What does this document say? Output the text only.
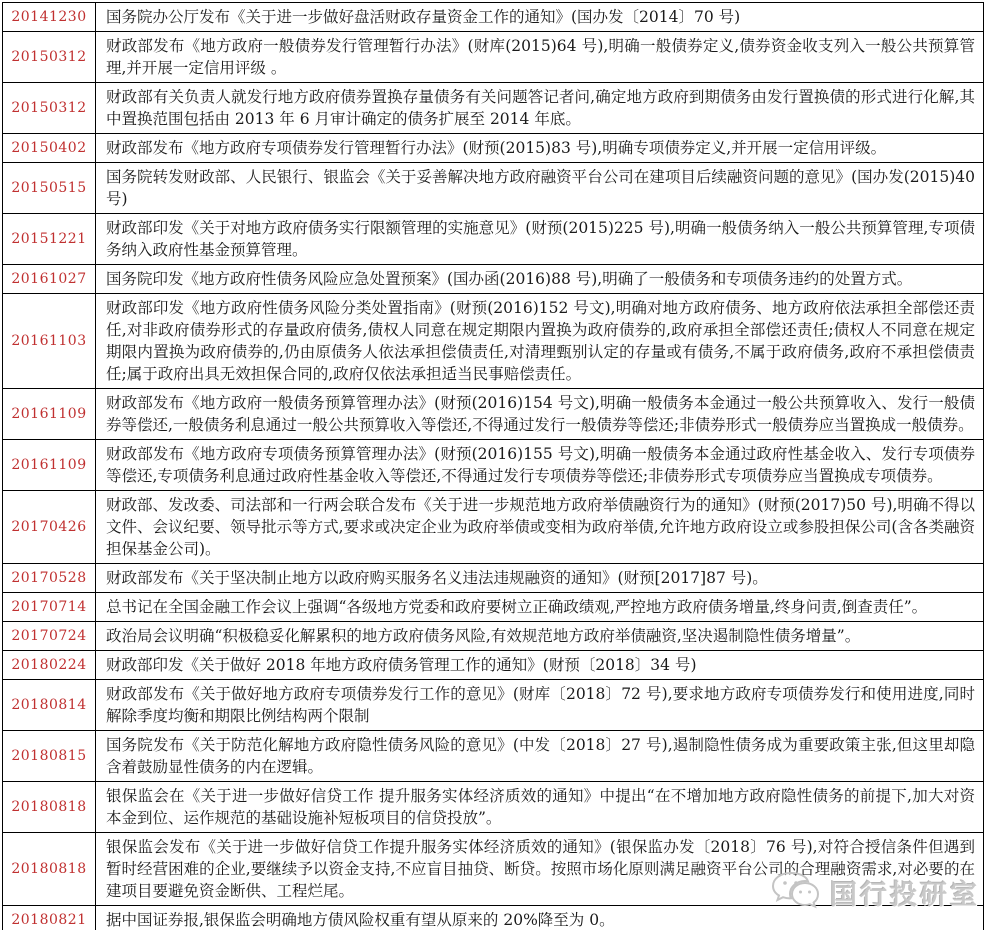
20141230	国务院办公厅发布《关于进一步做好盘活财政存量资金工作的通知》(国办发〔2014〕70 号)
20150312	财政部发布《地方政府一般债券发行管理暂行办法》(财库(2015)64 号),明确一般债券定义,债券资金收支列入一般公共预算管理,并开展一定信用评级 。
20150312	财政部有关负责人就发行地方政府债券置换存量债务有关问题答记者问,确定地方政府到期债务由发行置换债的形式进行化解,其中置换范围包括由 2013 年 6 月审计确定的债务扩展至 2014 年底。
20150402	财政部发布《地方政府专项债券发行管理暂行办法》(财预(2015)83 号),明确专项债券定义,并开展一定信用评级。
20150515	国务院转发财政部、人民银行、银监会《关于妥善解决地方政府融资平台公司在建项目后续融资问题的意见》(国办发(2015)40 号)
20151221	财政部印发《关于对地方政府债务实行限额管理的实施意见》(财预(2015)225 号),明确一般债务纳入一般公共预算管理,专项债务纳入政府性基金预算管理。
20161027	国务院印发《地方政府性债务风险应急处置预案》(国办函(2016)88 号),明确了一般债务和专项债务违约的处置方式。
20161103	财政部印发《地方政府性债务风险分类处置指南》(财预(2016)152 号文),明确对地方政府债务、地方政府依法承担全部偿还责任,对非政府债券形式的存量政府债务,债权人同意在规定期限内置换为政府债券的,政府承担全部偿还责任;债权人不同意在规定期限内置换为政府债券的,仍由原债务人依法承担偿债责任,对清理甄别认定的存量或有债务,不属于政府债务,政府不承担偿债责任;属于政府出具无效担保合同的,政府仅依法承担适当民事赔偿责任。
20161109	财政部发布《地方政府一般债务预算管理办法》(财预(2016)154 号文),明确一般债务本金通过一般公共预算收入、发行一般债券等偿还,一般债务利息通过一般公共预算收入等偿还,不得通过发行一般债券等偿还;非债券形式一般债券应当置换成一般债券。
20161109	财政部发布《地方政府专项债务预算管理办法》(财预(2016)155 号文),明确一般债务本金通过政府性基金收入、发行专项债券等偿还,专项债务利息通过政府性基金收入等偿还,不得通过发行专项债券等偿还;非债券形式专项债券应当置换成专项债券。
20170426	财政部、发改委、司法部和一行两会联合发布《关于进一步规范地方政府举债融资行为的通知》(财预(2017)50 号),明确不得以文件、会议纪要、领导批示等方式,要求或决定企业为政府举债或变相为政府举债,允许地方政府设立或参股担保公司(含各类融资担保基金公司)。
20170528	财政部发布《关于坚决制止地方以政府购买服务名义违法违规融资的通知》(财预[2017]87 号)。
20170714	总书记在全国金融工作会议上强调“各级地方党委和政府要树立正确政绩观,严控地方政府债务增量,终身问责,倒查责任”。
20170724	政治局会议明确“积极稳妥化解累积的地方政府债务风险,有效规范地方政府举债融资,坚决遏制隐性债务增量”。
20180224	财政部印发《关于做好 2018 年地方政府债务管理工作的通知》(财预〔2018〕34 号)
20180814	财政部发布《关于做好地方政府专项债券发行工作的意见》(财库〔2018〕72 号),要求地方政府专项债券发行和使用进度,同时解除季度均衡和期限比例结构两个限制
20180815	国务院发布《关于防范化解地方政府隐性债务风险的意见》(中发〔2018〕27 号),遏制隐性债务成为重要政策主张,但这里却隐含着鼓励显性债务的内在逻辑。
20180818	银保监会在《关于进一步做好信贷工作 提升服务实体经济质效的通知》中提出“在不增加地方政府隐性债务的前提下,加大对资本金到位、运作规范的基础设施补短板项目的信贷投放”。
20180818	银保监会发布《关于进一步做好信贷工作提升服务实体经济质效的通知》(银保监办发〔2018〕76 号),对符合授信条件但遇到暂时经营困难的企业,要继续予以资金支持,不应盲目抽贷、断贷。按照市场化原则满足融资平台公司的合理融资需求,对必要的在建项目要避免资金断供、工程烂尾。
20180821	据中国证券报,银保监会明确地方债风险权重有望从原来的 20%降至为 0。

国行投研室
